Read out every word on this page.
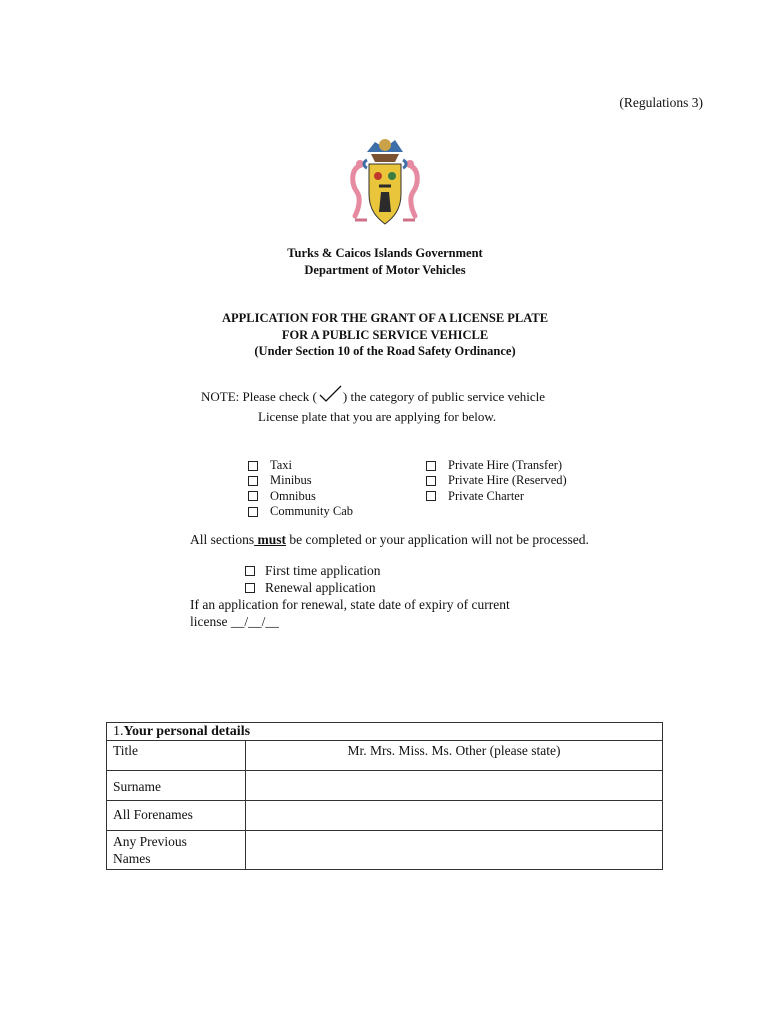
(Regulations 3)
Turks & Caicos Islands Government
Department of Motor Vehicles
APPLICATION FOR THE GRANT OF A LICENSE PLATE
FOR A PUBLIC SERVICE VEHICLE
(Under Section 10 of the Road Safety Ordinance)
NOTE: Please check ( ) the category of public service vehicle
License plate that you are applying for below.
Taxi
Minibus
Omnibus
Community Cab
Private Hire (Transfer)
Private Hire (Reserved)
Private Charter
All sections must be completed or your application will not be processed.
First time application
Renewal application
If an application for renewal, state date of expiry of current
license __/__/__
1.Your personal details	
Title	Mr. Mrs. Miss. Ms. Other (please state)
Surname	
All Forenames	

Any Previous
Names	
